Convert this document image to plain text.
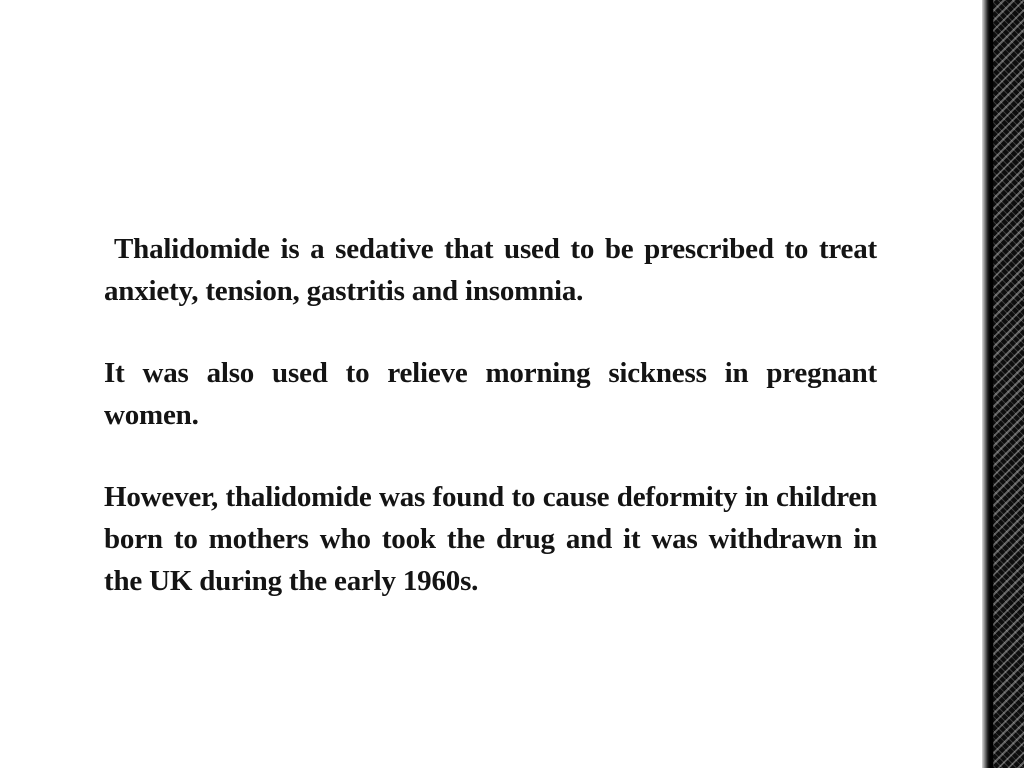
Thalidomide is a sedative that used to be prescribed to treat anxiety, tension, gastritis and insomnia.

It was also used to relieve morning sickness in pregnant women.

However, thalidomide was found to cause deformity in children born to mothers who took the drug and it was withdrawn in the UK during the early 1960s.
